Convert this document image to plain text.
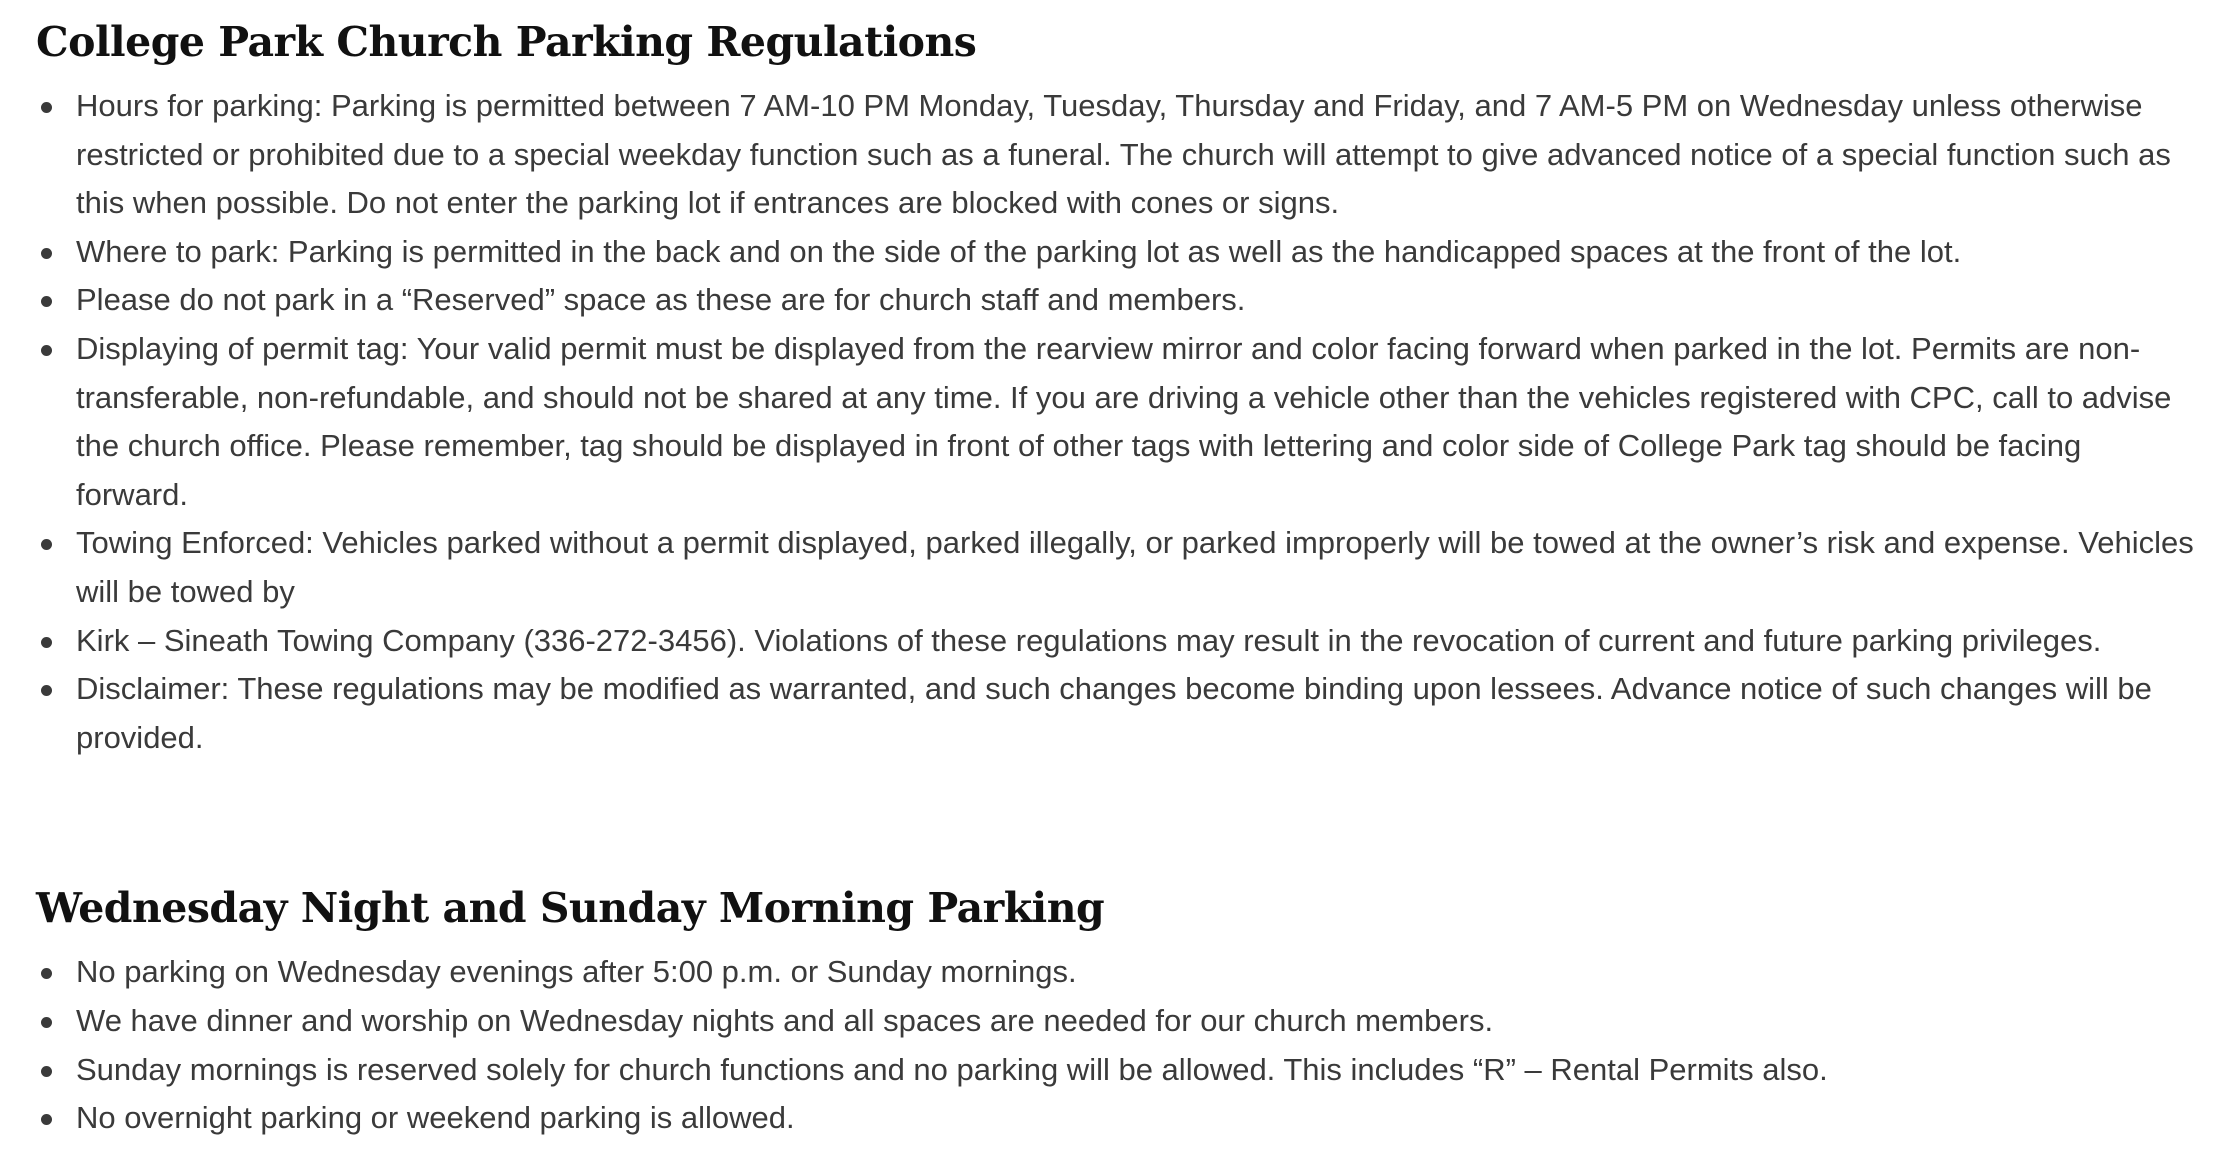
College Park Church Parking Regulations
Hours for parking: Parking is permitted between 7 AM-10 PM Monday, Tuesday, Thursday and Friday, and 7 AM-5 PM on Wednesday unless otherwise restricted or prohibited due to a special weekday function such as a funeral. The church will attempt to give advanced notice of a special function such as this when possible. Do not enter the parking lot if entrances are blocked with cones or signs.
Where to park: Parking is permitted in the back and on the side of the parking lot as well as the handicapped spaces at the front of the lot.
Please do not park in a “Reserved” space as these are for church staff and members.
Displaying of permit tag: Your valid permit must be displayed from the rearview mirror and color facing forward when parked in the lot. Permits are non-transferable, non-refundable, and should not be shared at any time. If you are driving a vehicle other than the vehicles registered with CPC, call to advise the church office. Please remember, tag should be displayed in front of other tags with lettering and color side of College Park tag should be facing forward.
Towing Enforced: Vehicles parked without a permit displayed, parked illegally, or parked improperly will be towed at the owner’s risk and expense. Vehicles will be towed by
Kirk – Sineath Towing Company (336-272-3456). Violations of these regulations may result in the revocation of current and future parking privileges.
Disclaimer: These regulations may be modified as warranted, and such changes become binding upon lessees. Advance notice of such changes will be provided.
Wednesday Night and Sunday Morning Parking
No parking on Wednesday evenings after 5:00 p.m. or Sunday mornings.
We have dinner and worship on Wednesday nights and all spaces are needed for our church members.
Sunday mornings is reserved solely for church functions and no parking will be allowed. This includes “R” – Rental Permits also.
No overnight parking or weekend parking is allowed.
